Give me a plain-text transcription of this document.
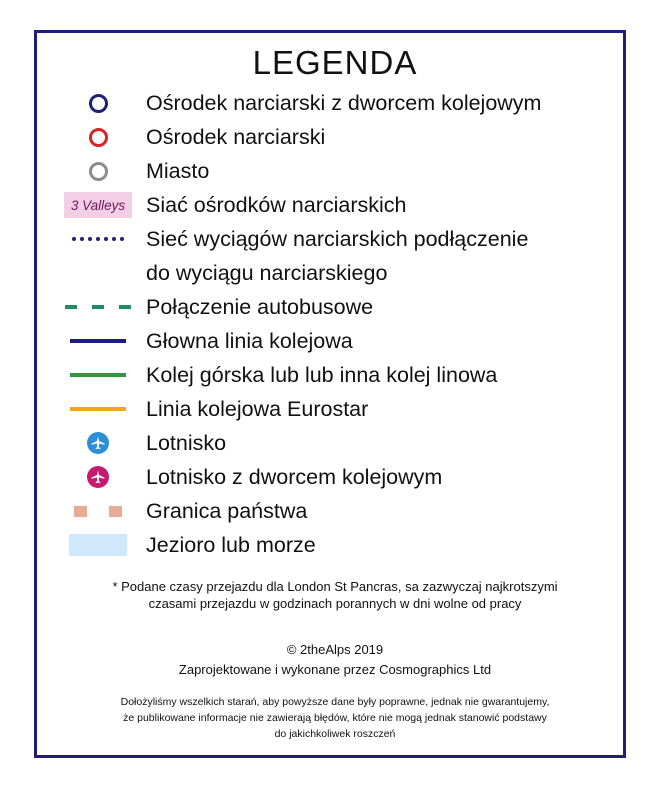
LEGENDA
Ośrodek narciarski z dworcem kolejowym
Ośrodek narciarski
Miasto
3 Valleys Siać ośrodków narciarskich
Sieć wyciągów narciarskich podłączenie
do wyciągu narciarskiego
Połączenie autobusowe
Głowna linia kolejowa
Kolej górska lub lub inna kolej linowa
Linia kolejowa Eurostar
Lotnisko
Lotnisko z dworcem kolejowym
Granica państwa
Jezioro lub morze
* Podane czasy przejazdu dla London St Pancras, sa zazwyczaj najkrotszymi
czasami przejazdu w godzinach porannych w dni wolne od pracy
© 2theAlps 2019
Zaprojektowane i wykonane przez Cosmographics Ltd
Dołożyliśmy wszelkich starań, aby powyższe dane były poprawne, jednak nie gwarantujemy,
że publikowane informacje nie zawierają błędów, które nie mogą jednak stanowić podstawy
do jakichkoliwek roszczeń
